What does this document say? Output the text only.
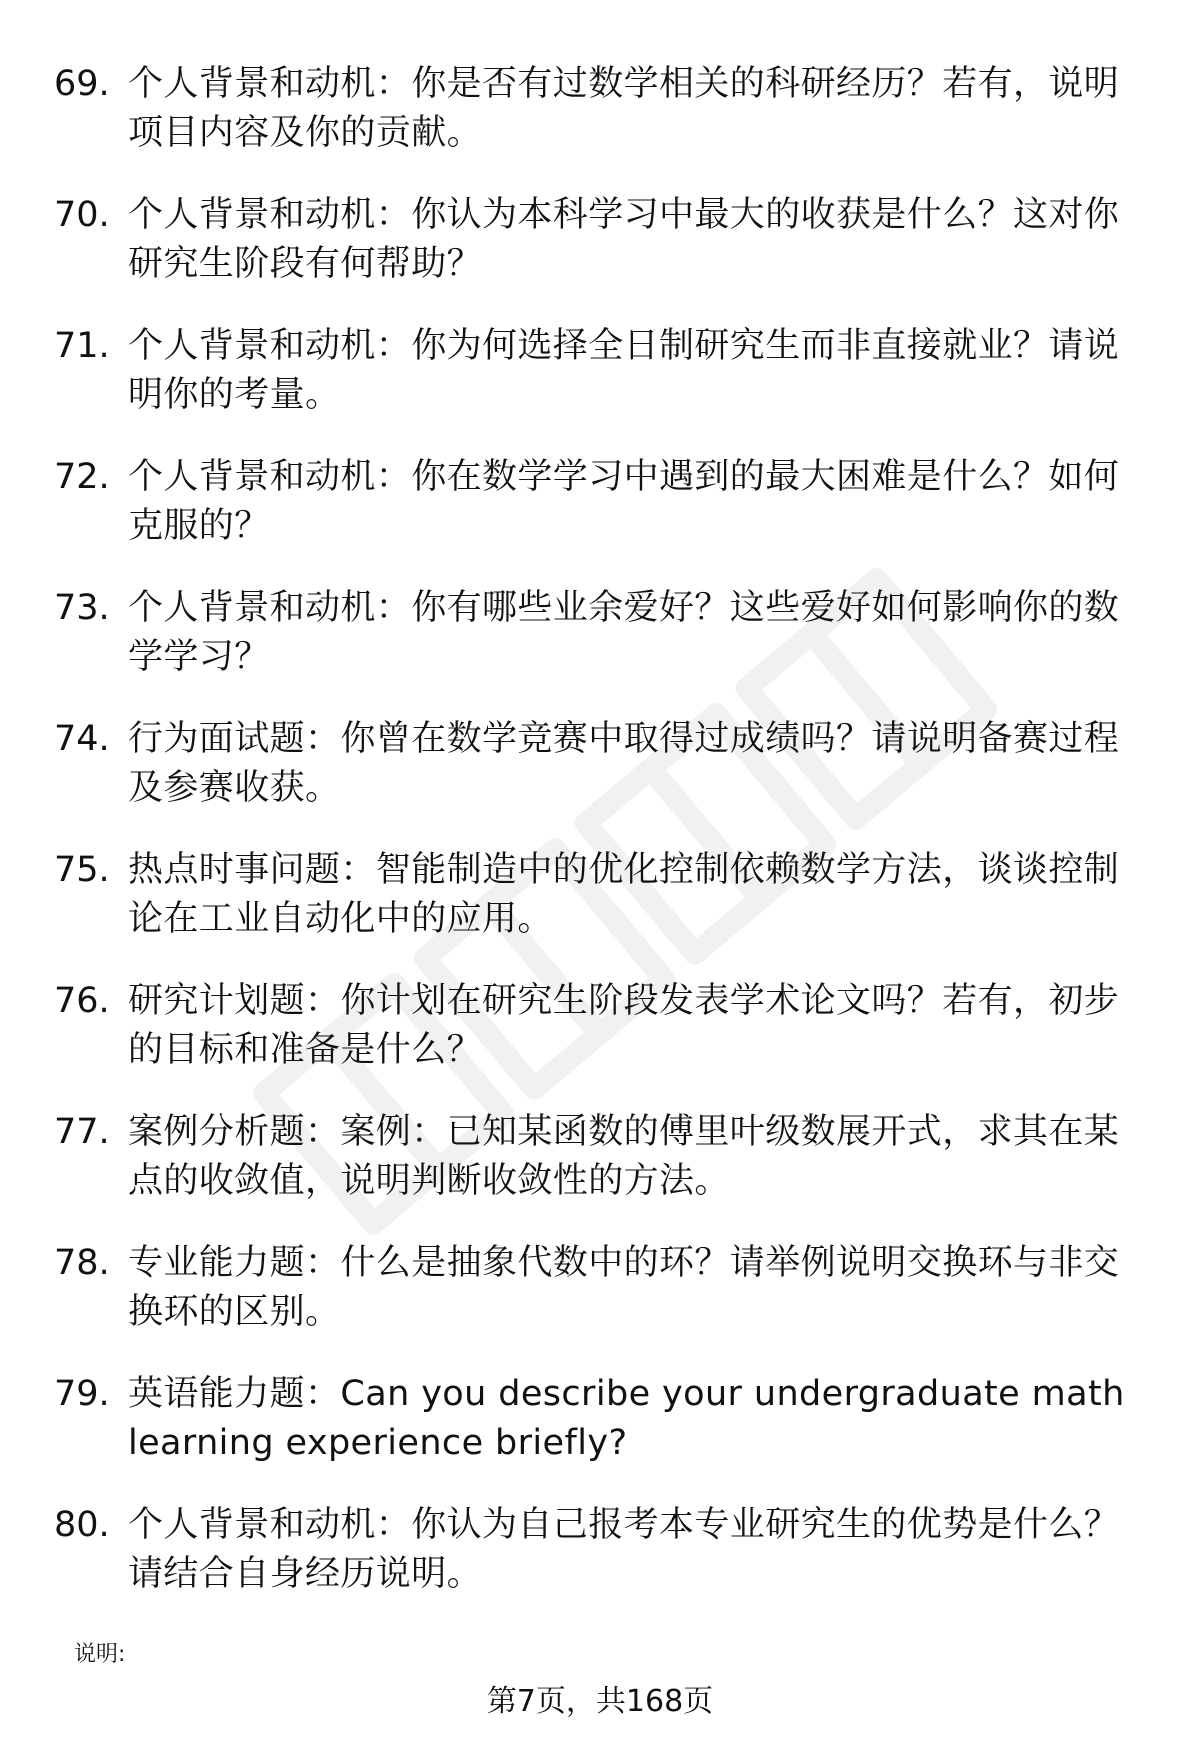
69. 个人背景和动机：你是否有过数学相关的科研经历？若有，说明项目内容及你的贡献。
70. 个人背景和动机：你认为本科学习中最大的收获是什么？这对你研究生阶段有何帮助？
71. 个人背景和动机：你为何选择全日制研究生而非直接就业？请说明你的考量。
72. 个人背景和动机：你在数学学习中遇到的最大困难是什么？如何克服的？
73. 个人背景和动机：你有哪些业余爱好？这些爱好如何影响你的数学学习？
74. 行为面试题：你曾在数学竞赛中取得过成绩吗？请说明备赛过程及参赛收获。
75. 热点时事问题：智能制造中的优化控制依赖数学方法，谈谈控制论在工业自动化中的应用。
76. 研究计划题：你计划在研究生阶段发表学术论文吗？若有，初步的目标和准备是什么？
77. 案例分析题：案例：已知某函数的傅里叶级数展开式，求其在某点的收敛值，说明判断收敛性的方法。
78. 专业能力题：什么是抽象代数中的环？请举例说明交换环与非交换环的区别。
79. 英语能力题：Can you describe your undergraduate math learning experience briefly?
80. 个人背景和动机：你认为自己报考本专业研究生的优势是什么？请结合自身经历说明。
说明:
第7页，共168页
